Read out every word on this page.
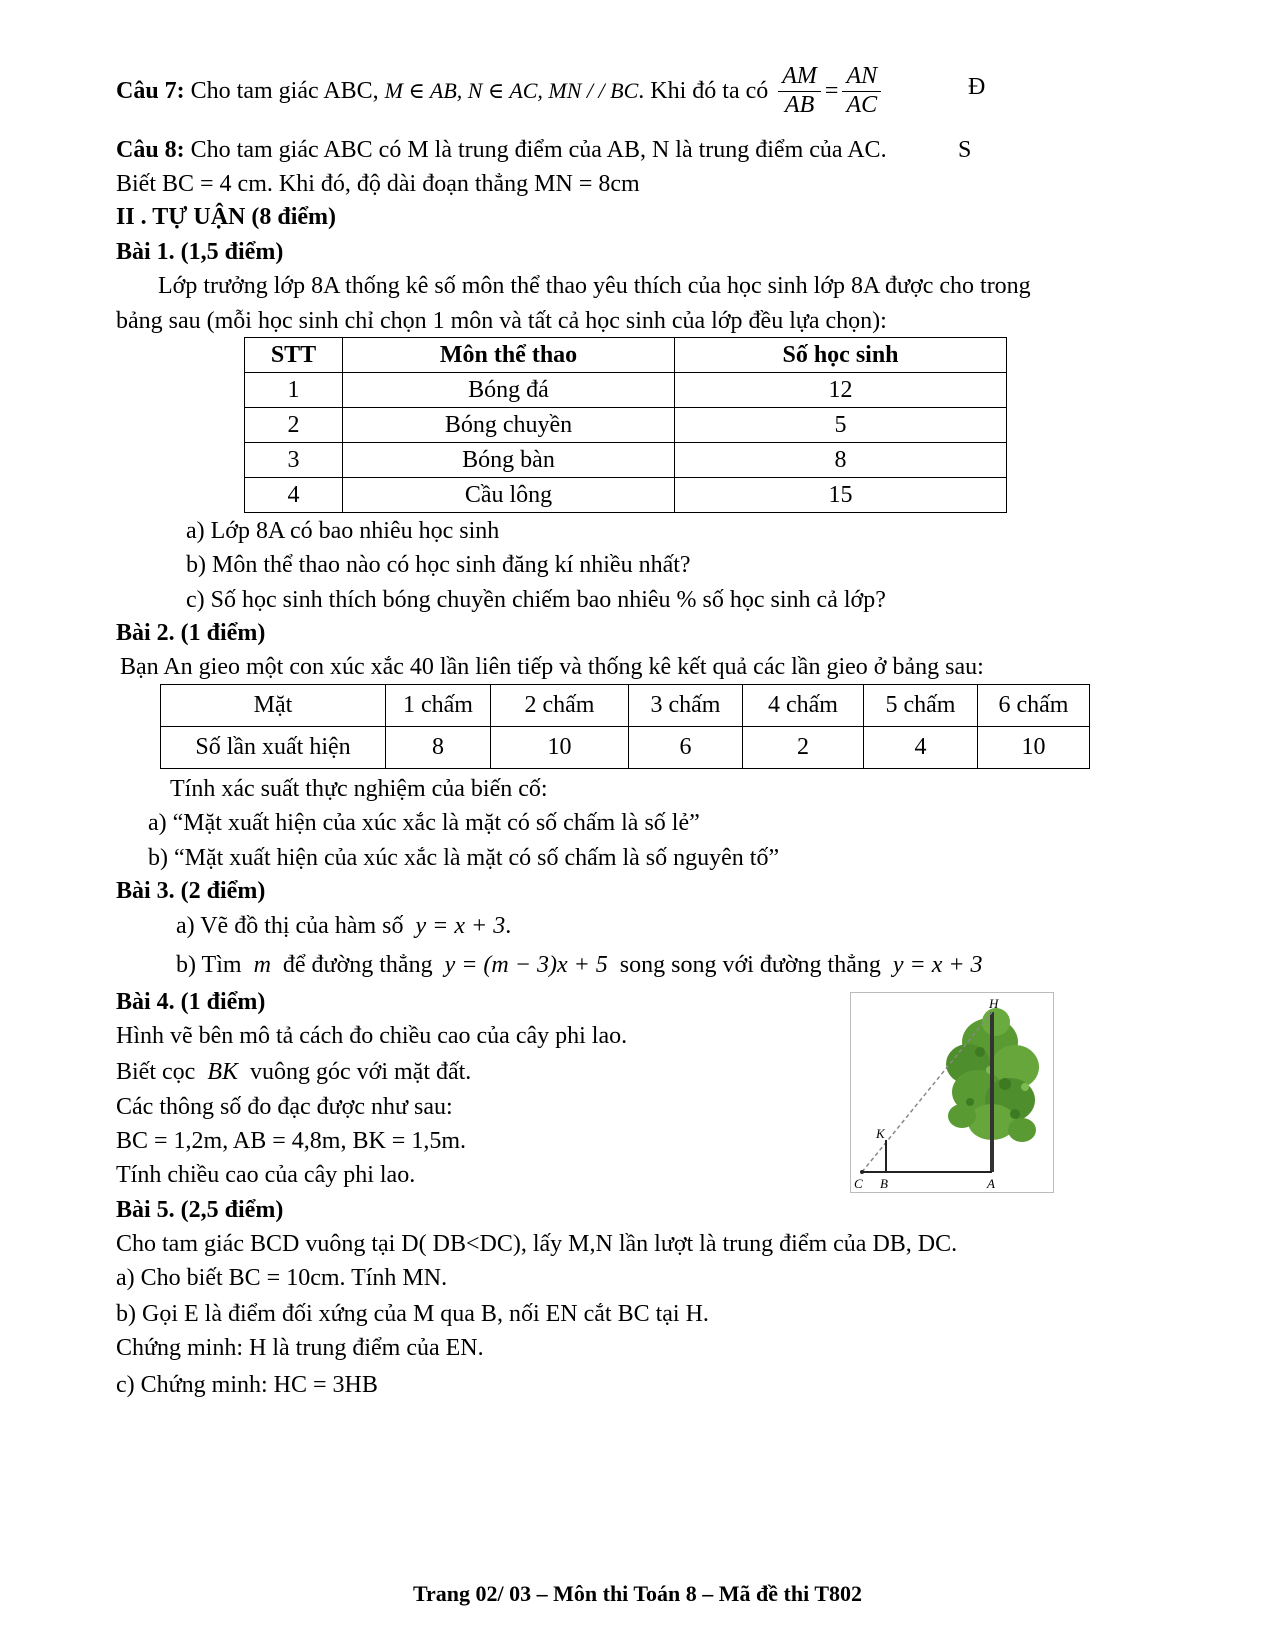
Câu 7:
Cho tam giác ABC,
M ∈ AB, N ∈ AC, MN / / BC . Khi đó ta có
$\frac{AM}{AB} = \frac{AN}{AC}$	Đ
Câu 8: Cho tam giác ABC có M là trung điểm của AB, N là trung điểm của AC.	S
Biết BC = 4 cm. Khi đó, độ dài đoạn thẳng MN = 8cm
II . TỰ UẬN (8 điểm)
Bài 1. (1,5 điểm)
Lớp trưởng lớp 8A thống kê số môn thể thao yêu thích của học sinh lớp 8A được cho trong
bảng sau (mỗi học sinh chỉ chọn 1 môn và tất cả học sinh của lớp đều lựa chọn):
STT	Môn thể thao	Số học sinh
1	Bóng đá	12
2	Bóng chuyền	5
3	Bóng bàn	8
4	Cầu lông	15
a) Lớp 8A có bao nhiêu học sinh
b) Môn thể thao nào có học sinh đăng kí nhiều nhất?
c) Số học sinh thích bóng chuyền chiếm bao nhiêu % số học sinh cả lớp?
Bài 2. (1 điểm)
Bạn An gieo một con xúc xắc 40 lần liên tiếp và thống kê kết quả các lần gieo ở bảng sau:
Mặt	1 chấm	2 chấm	3 chấm	4 chấm	5 chấm	6 chấm
Số lần xuất hiện	8	10	6	2	4	10
Tính xác suất thực nghiệm của biến cố:
a) “Mặt xuất hiện của xúc xắc là mặt có số chấm là số lẻ”
b) “Mặt xuất hiện của xúc xắc là mặt có số chấm là số nguyên tố”
Bài 3. (2 điểm)
a) Vẽ đồ thị của hàm số y = x + 3.
b) Tìm m để đường thẳng y = (m − 3)x + 5 song song với đường thẳng y = x + 3
Bài 4. (1 điểm)
Hình vẽ bên mô tả cách đo chiều cao của cây phi lao.
Biết cọc BK vuông góc với mặt đất.
Các thông số đo đạc được như sau:
BC = 1,2m, AB = 4,8m, BK = 1,5m.
Tính chiều cao của cây phi lao.
H
K
C B	A
Bài 5. (2,5 điểm)
Cho tam giác BCD vuông tại D( DB<DC), lấy M,N lần lượt là trung điểm của DB, DC.
a) Cho biết BC = 10cm. Tính MN.
b) Gọi E là điểm đối xứng của M qua B, nối EN cắt BC tại H.
Chứng minh: H là trung điểm của EN.
c) Chứng minh: HC = 3HB
Trang 02/ 03 – Môn thi Toán 8 – Mã đề thi T802
